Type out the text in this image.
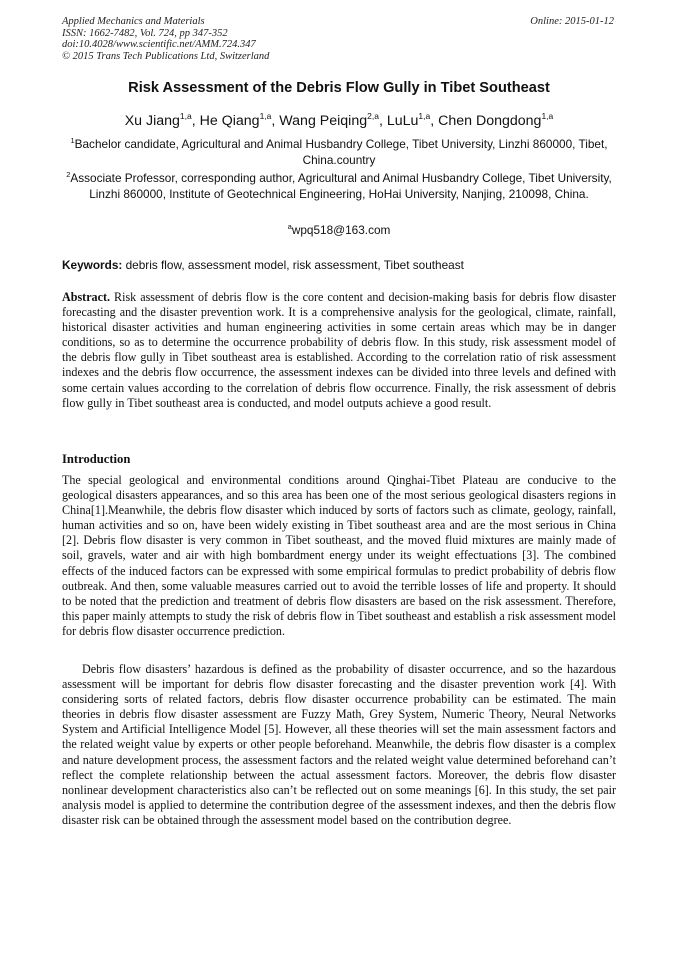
Applied Mechanics and Materials
ISSN: 1662-7482, Vol. 724, pp 347-352
doi:10.4028/www.scientific.net/AMM.724.347
© 2015 Trans Tech Publications Ltd, Switzerland
Online: 2015-01-12
Risk Assessment of the Debris Flow Gully in Tibet Southeast
Xu Jiang$^{1,a}$, He Qiang$^{1,a}$, Wang Peiqing$^{2,a}$, LuLu$^{1,a}$, Chen Dongdong$^{1,a}$
$^1$Bachelor candidate, Agricultural and Animal Husbandry College, Tibet University, Linzhi 860000, Tibet, China.country
$^2$Associate Professor, corresponding author, Agricultural and Animal Husbandry College, Tibet University, Linzhi 860000, Institute of Geotechnical Engineering, HoHai University, Nanjing, 210098, China.
$^a$wpq518@163.com
Keywords: debris flow, assessment model, risk assessment, Tibet southeast
Abstract. Risk assessment of debris flow is the core content and decision-making basis for debris flow disaster forecasting and the disaster prevention work. It is a comprehensive analysis for the geological, climate, rainfall, historical disaster activities and human engineering activities in some certain areas which may be in danger conditions, so as to determine the occurrence probability of debris flow. In this study, risk assessment model of the debris flow gully in Tibet southeast area is established. According to the correlation ratio of risk assessment indexes and the debris flow occurrence, the assessment indexes can be divided into three levels and defined with some certain values according to the correlation of debris flow occurrence. Finally, the risk assessment of debris flow gully in Tibet southeast area is conducted, and model outputs achieve a good result.
Introduction
The special geological and environmental conditions around Qinghai-Tibet Plateau are conducive to the geological disasters appearances, and so this area has been one of the most serious geological disasters regions in China[1].Meanwhile, the debris flow disaster which induced by sorts of factors such as climate, geology, rainfall, human activities and so on, have been widely existing in Tibet southeast area and are the most serious in China [2]. Debris flow disaster is very common in Tibet southeast, and the moved fluid mixtures are mainly made of soil, gravels, water and air with high bombardment energy under its weight effectuations [3]. The combined effects of the induced factors can be expressed with some empirical formulas to predict probability of debris flow outbreak. And then, some valuable measures carried out to avoid the terrible losses of life and property. It should to be noted that the prediction and treatment of debris flow disasters are based on the risk assessment. Therefore, this paper mainly attempts to study the risk of debris flow in Tibet southeast and establish a risk assessment model for debris flow disaster occurrence prediction.
Debris flow disasters’ hazardous is defined as the probability of disaster occurrence, and so the hazardous assessment will be important for debris flow disaster forecasting and the disaster prevention work [4]. With considering sorts of related factors, debris flow disaster occurrence probability can be estimated. The main theories in debris flow disaster assessment are Fuzzy Math, Grey System, Numeric Theory, Neural Networks System and Artificial Intelligence Model [5]. However, all these theories will set the main assessment factors and the related weight value by experts or other people beforehand. Meanwhile, the debris flow disaster is a complex and nature development process, the assessment factors and the related weight value determined beforehand can’t reflect the complete relationship between the actual assessment factors. Moreover, the debris flow disaster nonlinear development characteristics also can’t be reflected out on some meanings [6]. In this study, the set pair analysis model is applied to determine the contribution degree of the assessment indexes, and then the debris flow disaster risk can be obtained through the assessment model based on the contribution degree.
